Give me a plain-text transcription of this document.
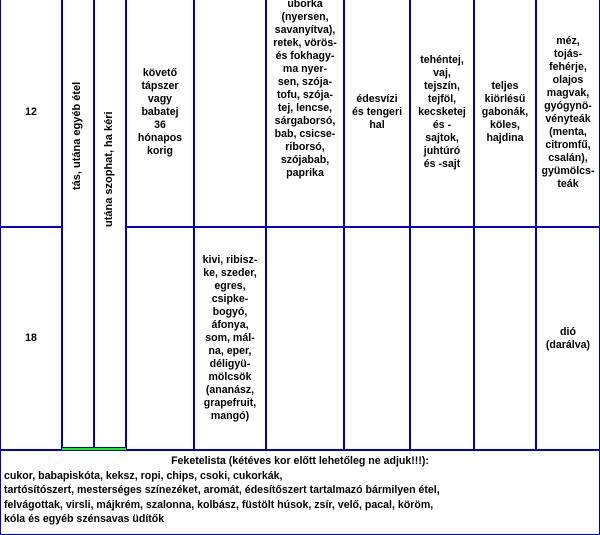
12	tás, utána egyéb étel utána szophat, ha kéri
követő
tápszer
vagy
babatej
36
hónapos
korig
uborka
(nyersen,
savanyítva),
retek, vörös-
és fokhagy-
ma nyer-
sen, szója-
tofu, szója-
tej, lencse,
sárgaborsó,
bab, csicse-
riborsó,
szójabab,
paprika
édesvízi
és tengeri
hal
tehéntej,
vaj,
tejszín,
tejföl,
kecsketej
és -
sajtok,
juhtúró
és -sajt
teljes
kiörlésű
gabonák,
köles,
hajdina
méz,
tojás-
fehérje,
olajos
magvak,
gyógynö-
vényteák
(menta,
citromfű,
csalán),
gyümölcs-
teák
18
kivi, ribisz-
ke, szeder,
egres,
csipke-
bogyó,
áfonya,
som, mál-
na, eper,
déligyü-
mölcsök
(ananász,
grapefruit,
mangó)
dió
(darálva)
Feketelista (kétéves kor előtt lehetőleg ne adjuk!!!):
cukor, babapiskóta, keksz, ropi, chips, csoki, cukorkák,
tartósítószert, mesterséges színezéket, aromát, édesítőszert tartalmazó bármilyen étel,
felvágottak, virsli, májkrém, szalonna, kolbász, füstölt húsok, zsír, velő, pacal, köröm,
kóla és egyéb szénsavas üdítők
